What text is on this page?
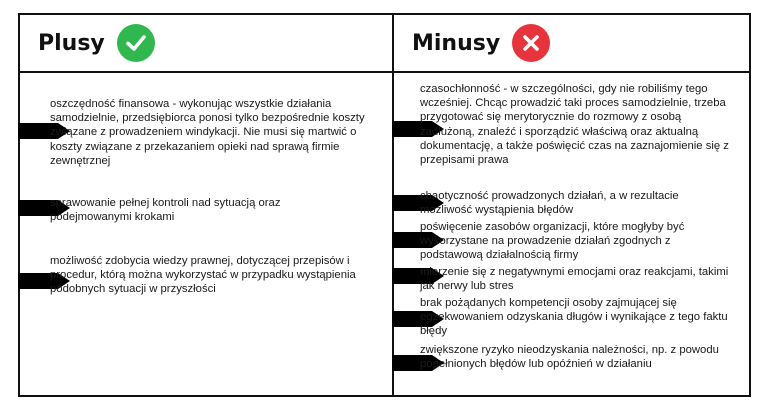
Plusy	Minusy
oszczędność finansowa - wykonując wszystkie działania samodzielnie, przedsiębiorca ponosi tylko bezpośrednie koszty związane z prowadzeniem windykacji. Nie musi się martwić o koszty związane z przekazaniem opieki nad sprawą firmie zewnętrznej
sprawowanie pełnej kontroli nad sytuacją oraz podejmowanymi krokami
możliwość zdobycia wiedzy prawnej, dotyczącej przepisów i procedur, którą można wykorzystać w przypadku wystąpienia podobnych sytuacji w przyszłości
czasochłonność - w szczególności, gdy nie robiliśmy tego wcześniej. Chcąc prowadzić taki proces samodzielnie, trzeba przygotować się merytorycznie do rozmowy z osobą zadłużoną, znaleźć i sporządzić właściwą oraz aktualną dokumentację, a także poświęcić czas na zaznajomienie się z przepisami prawa
chaotyczność prowadzonych działań, a w rezultacie możliwość wystąpienia błędów
poświęcenie zasobów organizacji, które mogłyby być wykorzystane na prowadzenie działań zgodnych z podstawową działalnością firmy
mierzenie się z negatywnymi emocjami oraz reakcjami, takimi jak nerwy lub stres
brak pożądanych kompetencji osoby zajmującej się egzekwowaniem odzyskania długów i wynikające z tego faktu błędy
zwiększone ryzyko nieodzyskania należności, np. z powodu popełnionych błędów lub opóźnień w działaniu
